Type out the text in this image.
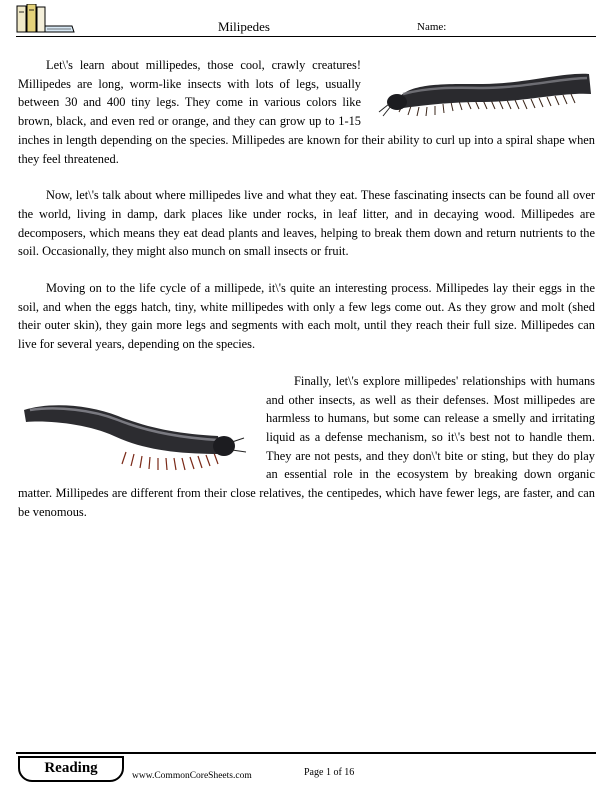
Milipedes	Name:

Let\'s learn about millipedes, those cool, crawly creatures! Millipedes are long, worm-like insects with lots of legs, usually between 30 and 400 tiny legs. They come in various colors like brown, black, and even red or orange, and they can grow up to 1-15 inches in length depending on the species. Millipedes are known for their ability to curl up into a spiral shape when they feel threatened.

Now, let\'s talk about where millipedes live and what they eat. These fascinating insects can be found all over the world, living in damp, dark places like under rocks, in leaf litter, and in decaying wood. Millipedes are decomposers, which means they eat dead plants and leaves, helping to break them down and return nutrients to the soil. Occasionally, they might also munch on small insects or fruit.

Moving on to the life cycle of a millipede, it\'s quite an interesting process. Millipedes lay their eggs in the soil, and when the eggs hatch, tiny, white millipedes with only a few legs come out. As they grow and molt (shed their outer skin), they gain more legs and segments with each molt, until they reach their full size. Millipedes can live for several years, depending on the species.

Finally, let\'s explore millipedes' relationships with humans and other insects, as well as their defenses. Most millipedes are harmless to humans, but some can release a smelly and irritating liquid as a defense mechanism, so it\'s best not to handle them. They are not pests, and they don\'t bite or sting, but they do play an essential role in the ecosystem by breaking down organic matter. Millipedes are different from their close relatives, the centipedes, which have fewer legs, are faster, and can be venomous.

Reading	www.CommonCoreSheets.com	Page 1 of 16
